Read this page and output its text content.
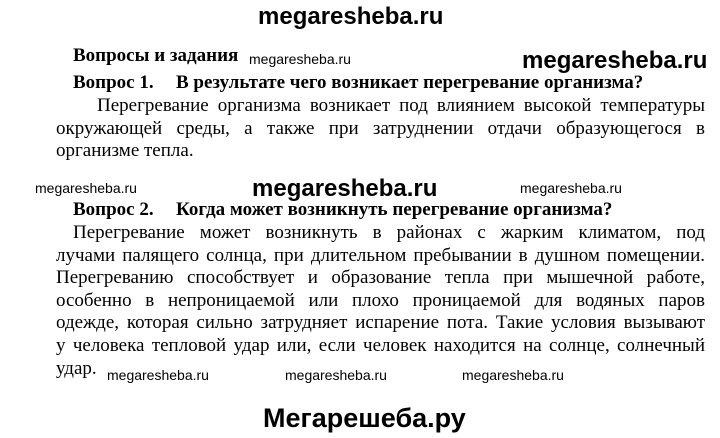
megaresheba.ru
Вопросы и задания megaresheba.ru	megaresheba.ru
Вопрос 1. В результате чего возникает перегревание организма?
Перегревание организма возникает под влиянием высокой температуры
окружающей среды, а также при затруднении отдачи образующегося в
организме тепла.
megaresheba.ru	megaresheba.ru	megaresheba.ru
Вопрос 2. Когда может возникнуть перегревание организма?
Перегревание может возникнуть в районах с жарким климатом, под
лучами палящего солнца, при длительном пребывании в душном помещении.
Перегреванию способствует и образование тепла при мышечной работе,
особенно в непроницаемой или плохо проницаемой для водяных паров
одежде, которая сильно затрудняет испарение пота. Такие условия вызывают
у человека тепловой удар или, если человек находится на солнце, солнечный
удар. megaresheba.ru	megaresheba.ru	megaresheba.ru
Мегарешеба.ру
